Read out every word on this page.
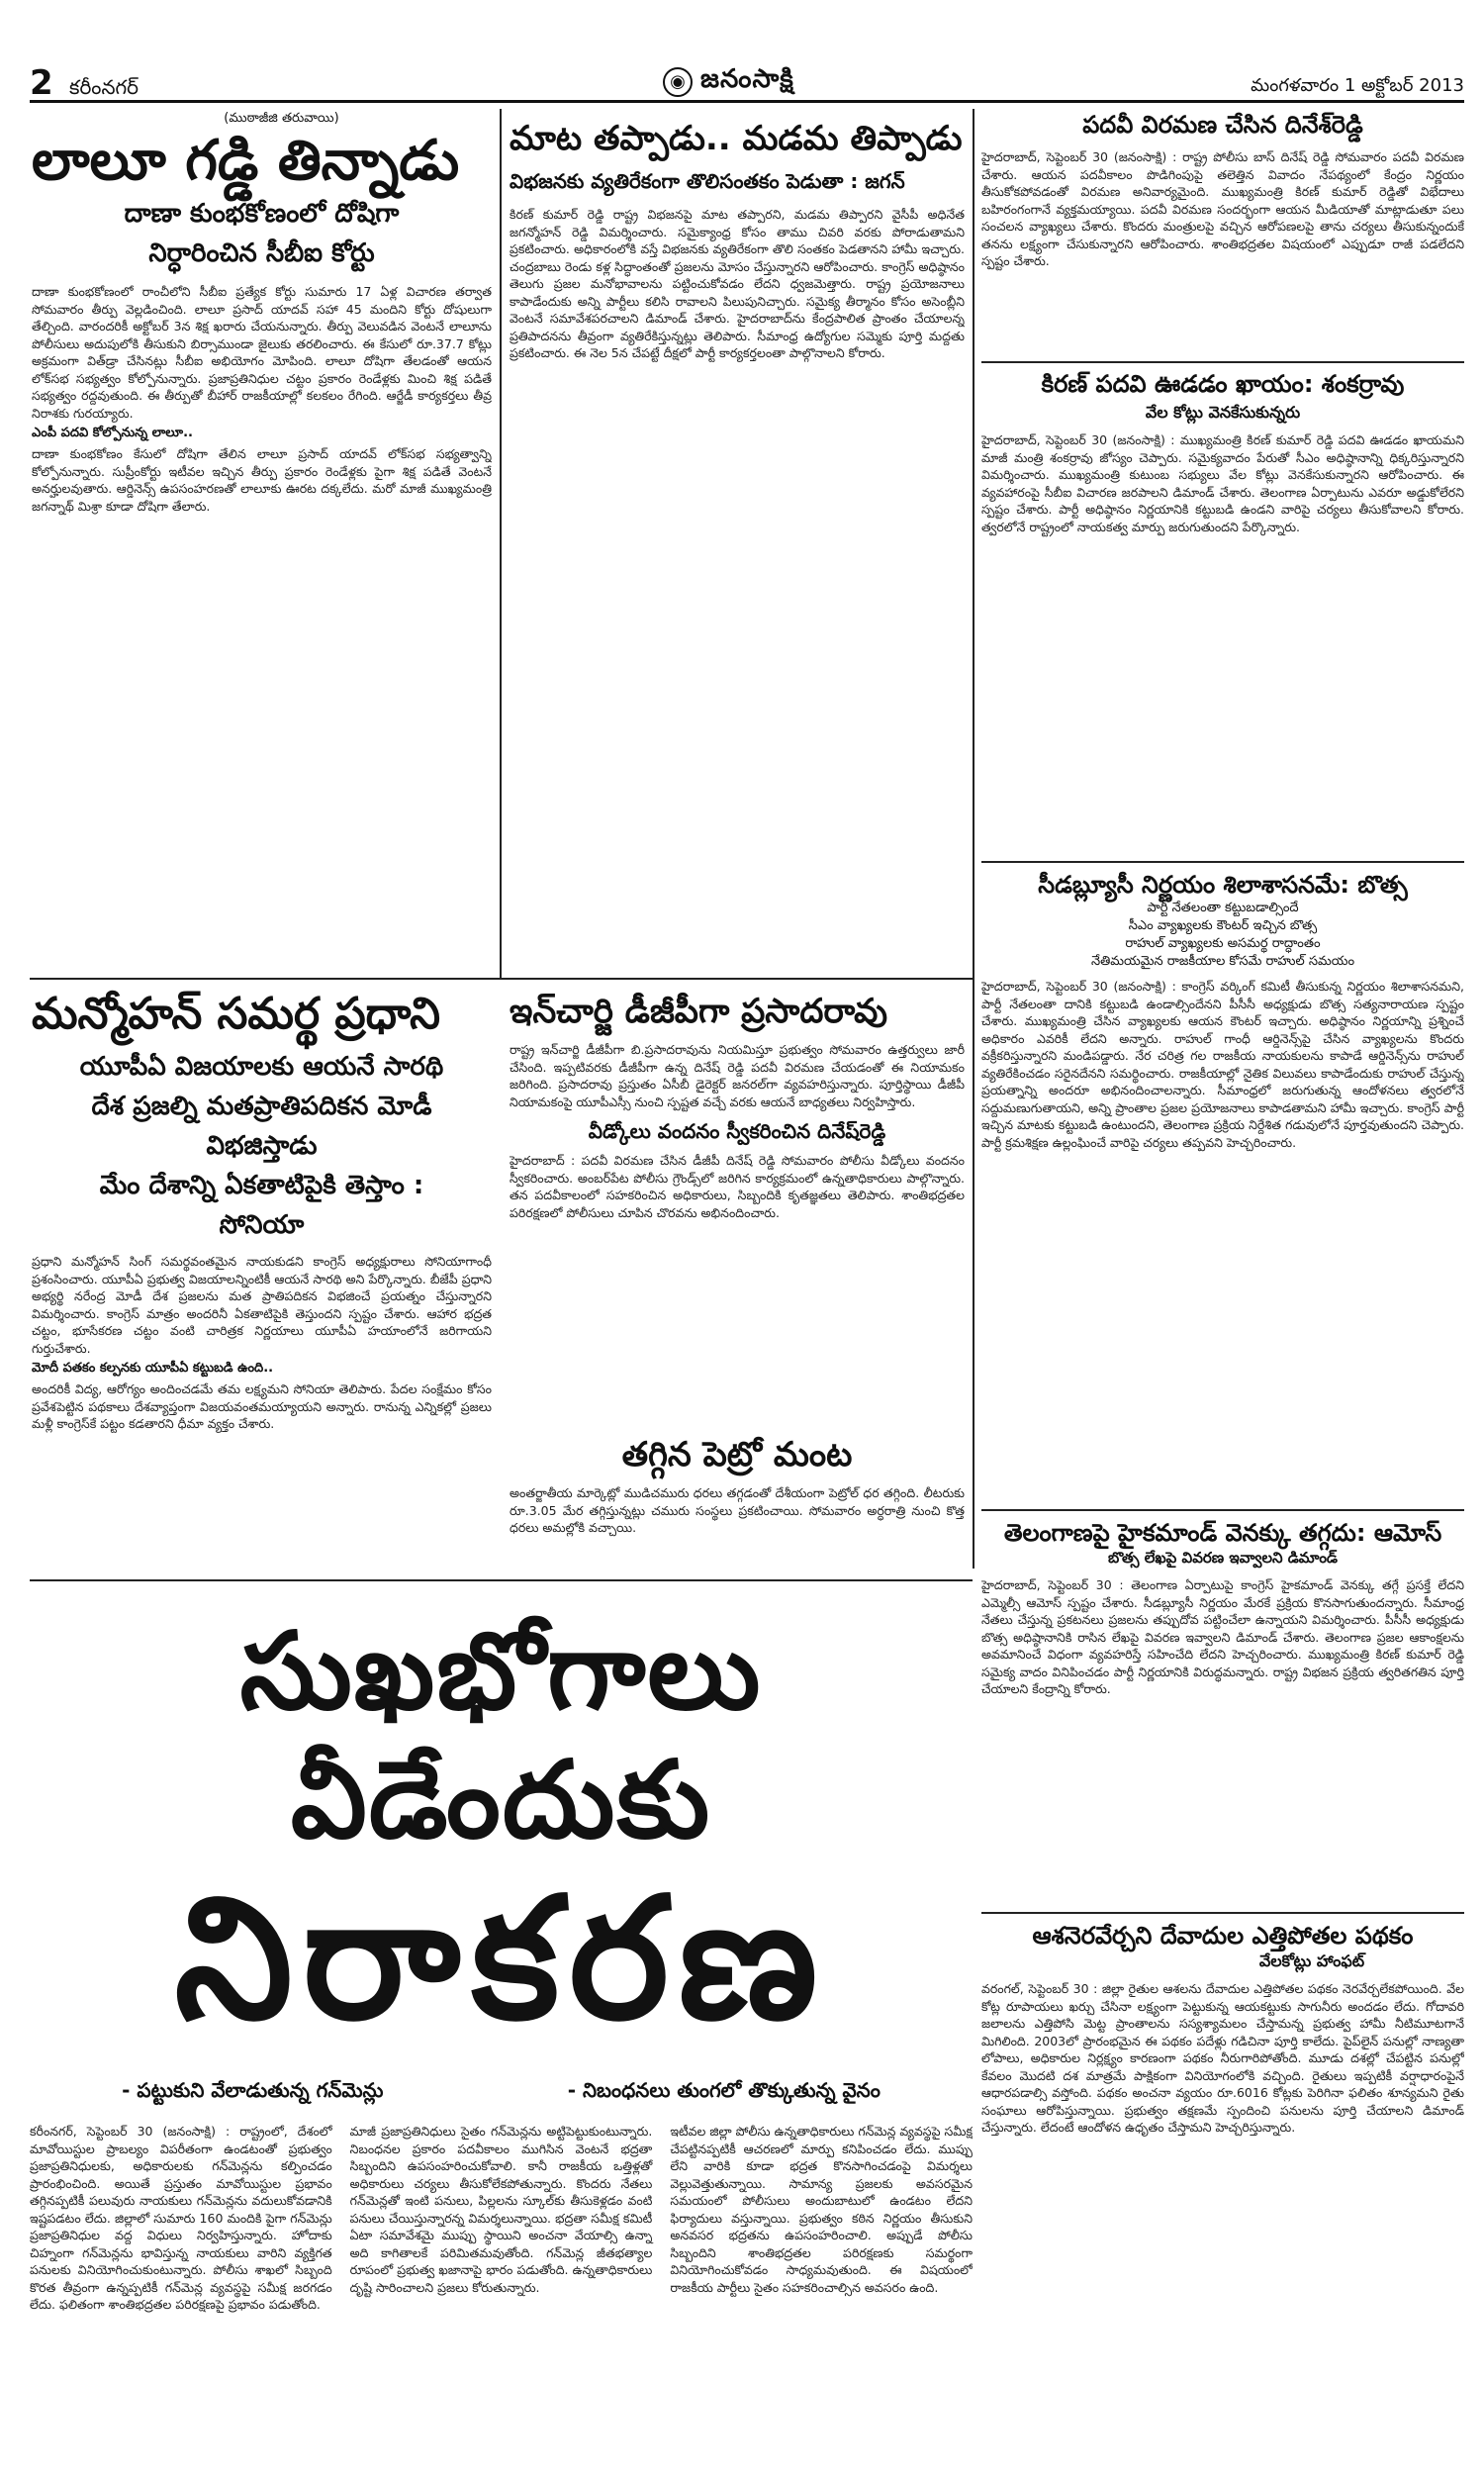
2 కరీంనగర్	◉ జనంసాక్షి	మంగళవారం 1 అక్టోబర్ 2013
(ముఠాజీజి తరువాయి)
లాలూ గడ్డి తిన్నాడు
దాణా కుంభకోణంలో దోషిగా
నిర్ధారించిన సీబీఐ కోర్టు
దాణా కుంభకోణంలో రాంచీలోని సీబీఐ ప్రత్యేక కోర్టు సుమారు 17 ఏళ్ల విచారణ తర్వాత సోమవారం తీర్పు వెల్లడించింది. లాలూ ప్రసాద్ యాదవ్ సహా 45 మందిని కోర్టు దోషులుగా తేల్చింది. వారందరికీ అక్టోబర్ 3న శిక్ష ఖరారు చేయనున్నారు. తీర్పు వెలువడిన వెంటనే లాలూను పోలీసులు అదుపులోకి తీసుకుని బిర్సాముండా జైలుకు తరలించారు. ఈ కేసులో రూ.37.7 కోట్లు అక్రమంగా విత్‌డ్రా చేసినట్లు సీబీఐ అభియోగం మోపింది. లాలూ దోషిగా తేలడంతో ఆయన లోక్‌సభ సభ్యత్వం కోల్పోనున్నారు. ప్రజాప్రతినిధుల చట్టం ప్రకారం రెండేళ్లకు మించి శిక్ష పడితే సభ్యత్వం రద్దవుతుంది. ఈ తీర్పుతో బీహార్ రాజకీయాల్లో కలకలం రేగింది. ఆర్జేడీ కార్యకర్తలు తీవ్ర నిరాశకు గురయ్యారు.
ఎంపీ పదవి కోల్పోనున్న లాలూ..
దాణా కుంభకోణం కేసులో దోషిగా తేలిన లాలూ ప్రసాద్ యాదవ్ లోక్‌సభ సభ్యత్వాన్ని కోల్పోనున్నారు. సుప్రీంకోర్టు ఇటీవల ఇచ్చిన తీర్పు ప్రకారం రెండేళ్లకు పైగా శిక్ష పడితే వెంటనే అనర్హులవుతారు. ఆర్డినెన్స్ ఉపసంహరణతో లాలూకు ఊరట దక్కలేదు. మరో మాజీ ముఖ్యమంత్రి జగన్నాథ్ మిశ్రా కూడా దోషిగా తేలారు.
మాట తప్పాడు.. మడమ తిప్పాడు
విభజనకు వ్యతిరేకంగా తొలిసంతకం పెడుతా : జగన్
కిరణ్ కుమార్ రెడ్డి రాష్ట్ర విభజనపై మాట తప్పారని, మడమ తిప్పారని వైసీపీ అధినేత జగన్మోహన్ రెడ్డి విమర్శించారు. సమైక్యాంధ్ర కోసం తాము చివరి వరకు పోరాడుతామని ప్రకటించారు. అధికారంలోకి వస్తే విభజనకు వ్యతిరేకంగా తొలి సంతకం పెడతానని హామీ ఇచ్చారు. చంద్రబాబు రెండు కళ్ల సిద్ధాంతంతో ప్రజలను మోసం చేస్తున్నారని ఆరోపించారు. కాంగ్రెస్ అధిష్ఠానం తెలుగు ప్రజల మనోభావాలను పట్టించుకోవడం లేదని ధ్వజమెత్తారు. రాష్ట్ర ప్రయోజనాలు కాపాడేందుకు అన్ని పార్టీలు కలిసి రావాలని పిలుపునిచ్చారు. సమైక్య తీర్మానం కోసం అసెంబ్లీని వెంటనే సమావేశపరచాలని డిమాండ్ చేశారు. హైదరాబాద్‌ను కేంద్రపాలిత ప్రాంతం చేయాలన్న ప్రతిపాదనను తీవ్రంగా వ్యతిరేకిస్తున్నట్లు తెలిపారు. సీమాంధ్ర ఉద్యోగుల సమ్మెకు పూర్తి మద్దతు ప్రకటించారు. ఈ నెల 5న చేపట్టే దీక్షలో పార్టీ కార్యకర్తలంతా పాల్గొనాలని కోరారు.
మన్మోహన్ సమర్థ ప్రధాని
యూపీఏ విజయాలకు ఆయనే సారథి
దేశ ప్రజల్ని మతప్రాతిపదికన మోడీ
విభజిస్తాడు
మేం దేశాన్ని ఏకతాటిపైకి తెస్తాం :
సోనియా
ప్రధాని మన్మోహన్ సింగ్ సమర్థవంతమైన నాయకుడని కాంగ్రెస్ అధ్యక్షురాలు సోనియాగాంధీ ప్రశంసించారు. యూపీఏ ప్రభుత్వ విజయాలన్నింటికీ ఆయనే సారథి అని పేర్కొన్నారు. బీజేపీ ప్రధాని అభ్యర్థి నరేంద్ర మోడీ దేశ ప్రజలను మత ప్రాతిపదికన విభజించే ప్రయత్నం చేస్తున్నారని విమర్శించారు. కాంగ్రెస్ మాత్రం అందరినీ ఏకతాటిపైకి తెస్తుందని స్పష్టం చేశారు. ఆహార భద్రత చట్టం, భూసేకరణ చట్టం వంటి చారిత్రక నిర్ణయాలు యూపీఏ హయాంలోనే జరిగాయని గుర్తుచేశారు.
మోదీ పతకం కల్పనకు యూపీఏ కట్టుబడి ఉంది..
అందరికీ విద్య, ఆరోగ్యం అందించడమే తమ లక్ష్యమని సోనియా తెలిపారు. పేదల సంక్షేమం కోసం ప్రవేశపెట్టిన పథకాలు దేశవ్యాప్తంగా విజయవంతమయ్యాయని అన్నారు. రానున్న ఎన్నికల్లో ప్రజలు మళ్లీ కాంగ్రెస్‌కే పట్టం కడతారని ధీమా వ్యక్తం చేశారు.
ఇన్‌చార్జి డీజీపీగా ప్రసాదరావు
రాష్ట్ర ఇన్‌చార్జి డీజీపీగా బి.ప్రసాదరావును నియమిస్తూ ప్రభుత్వం సోమవారం ఉత్తర్వులు జారీ చేసింది. ఇప్పటివరకు డీజీపీగా ఉన్న దినేష్ రెడ్డి పదవీ విరమణ చేయడంతో ఈ నియామకం జరిగింది. ప్రసాదరావు ప్రస్తుతం ఏసీబీ డైరెక్టర్ జనరల్‌గా వ్యవహరిస్తున్నారు. పూర్తిస్థాయి డీజీపీ నియామకంపై యూపీఎస్సీ నుంచి స్పష్టత వచ్చే వరకు ఆయనే బాధ్యతలు నిర్వహిస్తారు.
వీడ్కోలు వందనం స్వీకరించిన దినేష్‌రెడ్డి
హైదరాబాద్ : పదవీ విరమణ చేసిన డీజీపీ దినేష్ రెడ్డి సోమవారం పోలీసు వీడ్కోలు వందనం స్వీకరించారు. అంబర్‌పేట పోలీసు గ్రౌండ్స్‌లో జరిగిన కార్యక్రమంలో ఉన్నతాధికారులు పాల్గొన్నారు. తన పదవీకాలంలో సహకరించిన అధికారులు, సిబ్బందికి కృతజ్ఞతలు తెలిపారు. శాంతిభద్రతల పరిరక్షణలో పోలీసులు చూపిన చొరవను అభినందించారు.
తగ్గిన పెట్రో మంట
అంతర్జాతీయ మార్కెట్లో ముడిచమురు ధరలు తగ్గడంతో దేశీయంగా పెట్రోల్ ధర తగ్గింది. లీటరుకు రూ.3.05 మేర తగ్గిస్తున్నట్లు చమురు సంస్థలు ప్రకటించాయి. సోమవారం అర్ధరాత్రి నుంచి కొత్త ధరలు అమల్లోకి వచ్చాయి.
పదవీ విరమణ చేసిన దినేశ్‌రెడ్డి
హైదరాబాద్, సెప్టెంబర్ 30 (జనంసాక్షి) : రాష్ట్ర పోలీసు బాస్ దినేష్ రెడ్డి సోమవారం పదవీ విరమణ చేశారు. ఆయన పదవీకాలం పొడిగింపుపై తలెత్తిన వివాదం నేపథ్యంలో కేంద్రం నిర్ణయం తీసుకోకపోవడంతో విరమణ అనివార్యమైంది. ముఖ్యమంత్రి కిరణ్ కుమార్ రెడ్డితో విభేదాలు బహిరంగంగానే వ్యక్తమయ్యాయి. పదవీ విరమణ సందర్భంగా ఆయన మీడియాతో మాట్లాడుతూ పలు సంచలన వ్యాఖ్యలు చేశారు. కొందరు మంత్రులపై వచ్చిన ఆరోపణలపై తాను చర్యలు తీసుకున్నందుకే తనను లక్ష్యంగా చేసుకున్నారని ఆరోపించారు. శాంతిభద్రతల విషయంలో ఎప్పుడూ రాజీ పడలేదని స్పష్టం చేశారు.
కిరణ్ పదవి ఊడడం ఖాయం: శంకర్రావు
వేల కోట్లు వెనకేసుకున్నరు
హైదరాబాద్, సెప్టెంబర్ 30 (జనంసాక్షి) : ముఖ్యమంత్రి కిరణ్ కుమార్ రెడ్డి పదవి ఊడడం ఖాయమని మాజీ మంత్రి శంకర్రావు జోస్యం చెప్పారు. సమైక్యవాదం పేరుతో సీఎం అధిష్ఠానాన్ని ధిక్కరిస్తున్నారని విమర్శించారు. ముఖ్యమంత్రి కుటుంబ సభ్యులు వేల కోట్లు వెనకేసుకున్నారని ఆరోపించారు. ఈ వ్యవహారంపై సీబీఐ విచారణ జరపాలని డిమాండ్ చేశారు. తెలంగాణ ఏర్పాటును ఎవరూ అడ్డుకోలేరని స్పష్టం చేశారు. పార్టీ అధిష్ఠానం నిర్ణయానికి కట్టుబడి ఉండని వారిపై చర్యలు తీసుకోవాలని కోరారు. త్వరలోనే రాష్ట్రంలో నాయకత్వ మార్పు జరుగుతుందని పేర్కొన్నారు.
సీడబ్ల్యూసీ నిర్ణయం శిలాశాసనమే: బొత్స
పార్టీ నేతలంతా కట్టుబడాల్సిందే
సీఎం వ్యాఖ్యలకు కౌంటర్ ఇచ్చిన బొత్స
రాహుల్ వ్యాఖ్యలకు అసమర్థ రాద్ధాంతం
నేతిమయమైన రాజకీయాల కోసమే రాహుల్ సమయం
హైదరాబాద్, సెప్టెంబర్ 30 (జనంసాక్షి) : కాంగ్రెస్ వర్కింగ్ కమిటీ తీసుకున్న నిర్ణయం శిలాశాసనమని, పార్టీ నేతలంతా దానికి కట్టుబడి ఉండాల్సిందేనని పీసీసీ అధ్యక్షుడు బొత్స సత్యనారాయణ స్పష్టం చేశారు. ముఖ్యమంత్రి చేసిన వ్యాఖ్యలకు ఆయన కౌంటర్ ఇచ్చారు. అధిష్ఠానం నిర్ణయాన్ని ప్రశ్నించే అధికారం ఎవరికీ లేదని అన్నారు. రాహుల్ గాంధీ ఆర్డినెన్స్‌పై చేసిన వ్యాఖ్యలను కొందరు వక్రీకరిస్తున్నారని మండిపడ్డారు. నేర చరిత్ర గల రాజకీయ నాయకులను కాపాడే ఆర్డినెన్స్‌ను రాహుల్ వ్యతిరేకించడం సరైనదేనని సమర్థించారు. రాజకీయాల్లో నైతిక విలువలు కాపాడేందుకు రాహుల్ చేస్తున్న ప్రయత్నాన్ని అందరూ అభినందించాలన్నారు. సీమాంధ్రలో జరుగుతున్న ఆందోళనలు త్వరలోనే సద్దుమణుగుతాయని, అన్ని ప్రాంతాల ప్రజల ప్రయోజనాలు కాపాడతామని హామీ ఇచ్చారు. కాంగ్రెస్ పార్టీ ఇచ్చిన మాటకు కట్టుబడి ఉంటుందని, తెలంగాణ ప్రక్రియ నిర్దేశిత గడువులోనే పూర్తవుతుందని చెప్పారు. పార్టీ క్రమశిక్షణ ఉల్లంఘించే వారిపై చర్యలు తప్పవని హెచ్చరించారు.
తెలంగాణపై హైకమాండ్ వెనక్కు తగ్గదు: ఆమోస్
బొత్స లేఖపై వివరణ ఇవ్వాలని డిమాండ్
హైదరాబాద్, సెప్టెంబర్ 30 : తెలంగాణ ఏర్పాటుపై కాంగ్రెస్ హైకమాండ్ వెనక్కు తగ్గే ప్రసక్తే లేదని ఎమ్మెల్సీ ఆమోస్ స్పష్టం చేశారు. సీడబ్ల్యూసీ నిర్ణయం మేరకే ప్రక్రియ కొనసాగుతుందన్నారు. సీమాంధ్ర నేతలు చేస్తున్న ప్రకటనలు ప్రజలను తప్పుదోవ పట్టించేలా ఉన్నాయని విమర్శించారు. పీసీసీ అధ్యక్షుడు బొత్స అధిష్ఠానానికి రాసిన లేఖపై వివరణ ఇవ్వాలని డిమాండ్ చేశారు. తెలంగాణ ప్రజల ఆకాంక్షలను అవమానించే విధంగా వ్యవహరిస్తే సహించేది లేదని హెచ్చరించారు. ముఖ్యమంత్రి కిరణ్ కుమార్ రెడ్డి సమైక్య వాదం వినిపించడం పార్టీ నిర్ణయానికి విరుద్ధమన్నారు. రాష్ట్ర విభజన ప్రక్రియ త్వరితగతిన పూర్తి చేయాలని కేంద్రాన్ని కోరారు.
ఆశనెరవేర్చని దేవాదుల ఎత్తిపోతల పథకం
వేలకోట్లు హాంఫట్
వరంగల్, సెప్టెంబర్ 30 : జిల్లా రైతుల ఆశలను దేవాదుల ఎత్తిపోతల పథకం నెరవేర్చలేకపోయింది. వేల కోట్ల రూపాయలు ఖర్చు చేసినా లక్ష్యంగా పెట్టుకున్న ఆయకట్టుకు సాగునీరు అందడం లేదు. గోదావరి జలాలను ఎత్తిపోసి మెట్ట ప్రాంతాలను సస్యశ్యామలం చేస్తామన్న ప్రభుత్వ హామీ నీటిమూటగానే మిగిలింది. 2003లో ప్రారంభమైన ఈ పథకం పదేళ్లు గడిచినా పూర్తి కాలేదు. పైప్‌లైన్ పనుల్లో నాణ్యతా లోపాలు, అధికారుల నిర్లక్ష్యం కారణంగా పథకం నీరుగారిపోతోంది. మూడు దశల్లో చేపట్టిన పనుల్లో కేవలం మొదటి దశ మాత్రమే పాక్షికంగా వినియోగంలోకి వచ్చింది. రైతులు ఇప్పటికీ వర్షాధారంపైనే ఆధారపడాల్సి వస్తోంది. పథకం అంచనా వ్యయం రూ.6016 కోట్లకు పెరిగినా ఫలితం శూన్యమని రైతు సంఘాలు ఆరోపిస్తున్నాయి. ప్రభుత్వం తక్షణమే స్పందించి పనులను పూర్తి చేయాలని డిమాండ్ చేస్తున్నారు. లేదంటే ఆందోళన ఉధృతం చేస్తామని హెచ్చరిస్తున్నారు.
సుఖభోగాలు వీడేందుకు
నిరాకరణ
- పట్టుకుని వేలాడుతున్న గన్‌మెన్లు	- నిబంధనలు తుంగలో తొక్కుతున్న వైనం
కరీంనగర్, సెప్టెంబర్ 30 (జనంసాక్షి) : రాష్ట్రంలో, దేశంలో మావోయిస్టుల ప్రాబల్యం విపరీతంగా ఉండటంతో ప్రభుత్వం ప్రజాప్రతినిధులకు, అధికారులకు గన్‌మెన్లను కల్పించడం ప్రారంభించింది. అయితే ప్రస్తుతం మావోయిస్టుల ప్రభావం తగ్గినప్పటికీ పలువురు నాయకులు గన్‌మెన్లను వదులుకోవడానికి ఇష్టపడటం లేదు. జిల్లాలో సుమారు 160 మందికి పైగా గన్‌మెన్లు ప్రజాప్రతినిధుల వద్ద విధులు నిర్వహిస్తున్నారు. హోదాకు చిహ్నంగా గన్‌మెన్లను భావిస్తున్న నాయకులు వారిని వ్యక్తిగత పనులకు వినియోగించుకుంటున్నారు. పోలీసు శాఖలో సిబ్బంది కొరత తీవ్రంగా ఉన్నప్పటికీ గన్‌మెన్ల వ్యవస్థపై సమీక్ష జరగడం లేదు. ఫలితంగా శాంతిభద్రతల పరిరక్షణపై ప్రభావం పడుతోంది.
మాజీ ప్రజాప్రతినిధులు సైతం గన్‌మెన్లను అట్టిపెట్టుకుంటున్నారు. నిబంధనల ప్రకారం పదవీకాలం ముగిసిన వెంటనే భద్రతా సిబ్బందిని ఉపసంహరించుకోవాలి. కానీ రాజకీయ ఒత్తిళ్లతో అధికారులు చర్యలు తీసుకోలేకపోతున్నారు. కొందరు నేతలు గన్‌మెన్లతో ఇంటి పనులు, పిల్లలను స్కూల్‌కు తీసుకెళ్లడం వంటి పనులు చేయిస్తున్నారన్న విమర్శలున్నాయి. భద్రతా సమీక్ష కమిటీ ఏటా సమావేశమై ముప్పు స్థాయిని అంచనా వేయాల్సి ఉన్నా అది కాగితాలకే పరిమితమవుతోంది. గన్‌మెన్ల జీతభత్యాల రూపంలో ప్రభుత్వ ఖజానాపై భారం పడుతోంది. ఉన్నతాధికారులు దృష్టి సారించాలని ప్రజలు కోరుతున్నారు.
ఇటీవల జిల్లా పోలీసు ఉన్నతాధికారులు గన్‌మెన్ల వ్యవస్థపై సమీక్ష చేపట్టినప్పటికీ ఆచరణలో మార్పు కనిపించడం లేదు. ముప్పు లేని వారికి కూడా భద్రత కొనసాగించడంపై విమర్శలు వెల్లువెత్తుతున్నాయి. సామాన్య ప్రజలకు అవసరమైన సమయంలో పోలీసులు అందుబాటులో ఉండటం లేదని ఫిర్యాదులు వస్తున్నాయి. ప్రభుత్వం కఠిన నిర్ణయం తీసుకుని అనవసర భద్రతను ఉపసంహరించాలి. అప్పుడే పోలీసు సిబ్బందిని శాంతిభద్రతల పరిరక్షణకు సమర్థంగా వినియోగించుకోవడం సాధ్యమవుతుంది. ఈ విషయంలో రాజకీయ పార్టీలు సైతం సహకరించాల్సిన అవసరం ఉంది.
